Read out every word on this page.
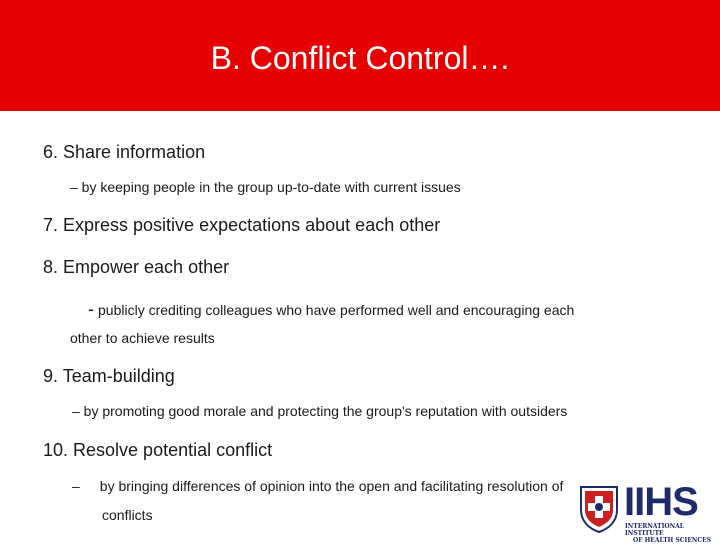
B. Conflict Control….
6. Share information
– by keeping people in the group up-to-date with current issues
7. Express positive expectations about each other
8. Empower each other
- publicly crediting colleagues who have performed well and encouraging each
other to achieve results
9. Team-building
– by promoting good morale and protecting the group's reputation with outsiders
10. Resolve potential conflict
– by bringing differences of opinion into the open and facilitating resolution of
conflicts	IIHS
INTERNATIONAL INSTITUTE
OF HEALTH SCIENCES
